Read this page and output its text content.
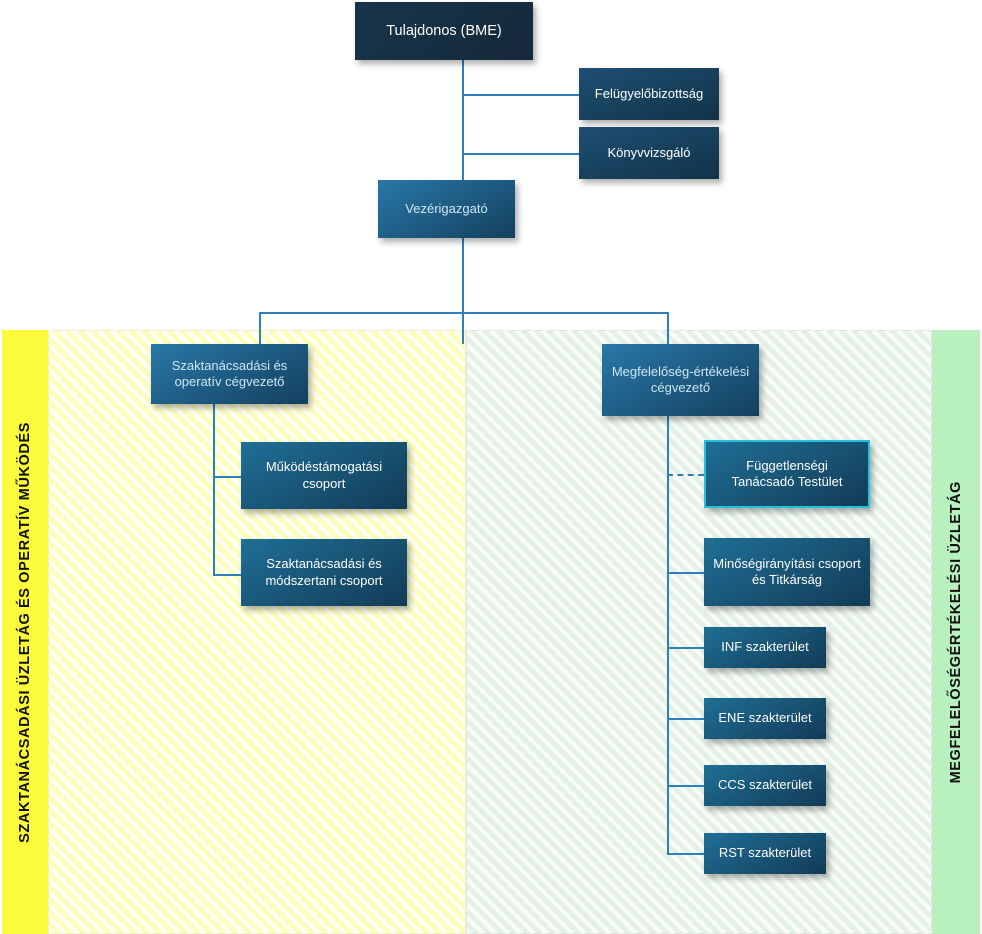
SZAKTANÁCSADÁSI ÜZLETÁG ÉS OPERATÍV MŰKÖDÉS	MEGFELELŐSÉGÉRTÉKELÉSI ÜZLETÁG
Tulajdonos (BME)
Felügyelőbizottság
Könyvvizsgáló
Vezérigazgató
Szaktanácsadási és operatív cégvezető
Megfelelőség-értékelési cégvezető
Működéstámogatási csoport
Szaktanácsadási és módszertani csoport
Függetlenségi Tanácsadó Testület
Minőségirányítási csoport és Titkárság
INF szakterület
ENE szakterület
CCS szakterület
RST szakterület
